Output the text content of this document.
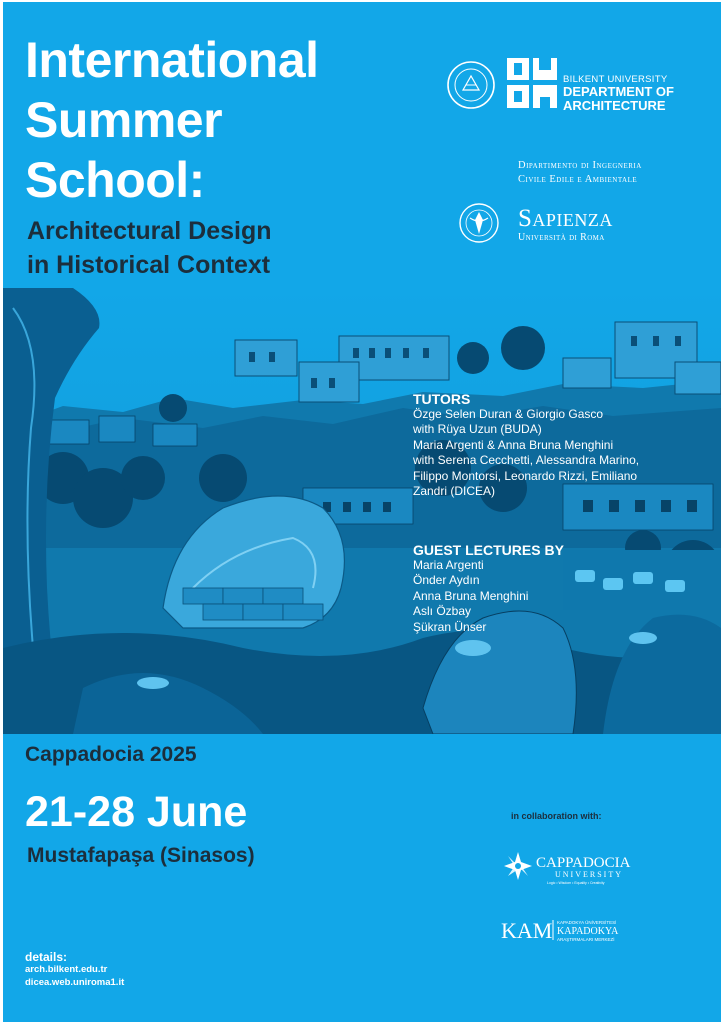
International
Summer
School:
Architectural Design
in Historical Context
BILKENT UNIVERSITY
DEPARTMENT OF
ARCHITECTURE
Dipartimento di Ingegneria
Civile Edile e Ambientale
Sapienza
Università di Roma
TUTORS
Özge Selen Duran & Giorgio Gasco
with Rüya Uzun (BUDA)
Maria Argenti & Anna Bruna Menghini
with Serena Cecchetti, Alessandra Marino,
Filippo Montorsi, Leonardo Rizzi, Emiliano
Zandri (DICEA)
GUEST LECTURES BY
Maria Argenti
Önder Aydın
Anna Bruna Menghini
Aslı Özbay
Şükran Ünser
Cappadocia 2025
21-28 June
Mustafapaşa (Sinasos)
in collaboration with:
CAPPADOCIA
UNIVERSITY
Logic • Wisdom • Equality • Creativity
KAM KAPADOKYA ÜNİVERSİTESİ
KAPADOKYA
ARAŞTIRMALARI MERKEZİ
details:
arch.bilkent.edu.tr
dicea.web.uniroma1.it
